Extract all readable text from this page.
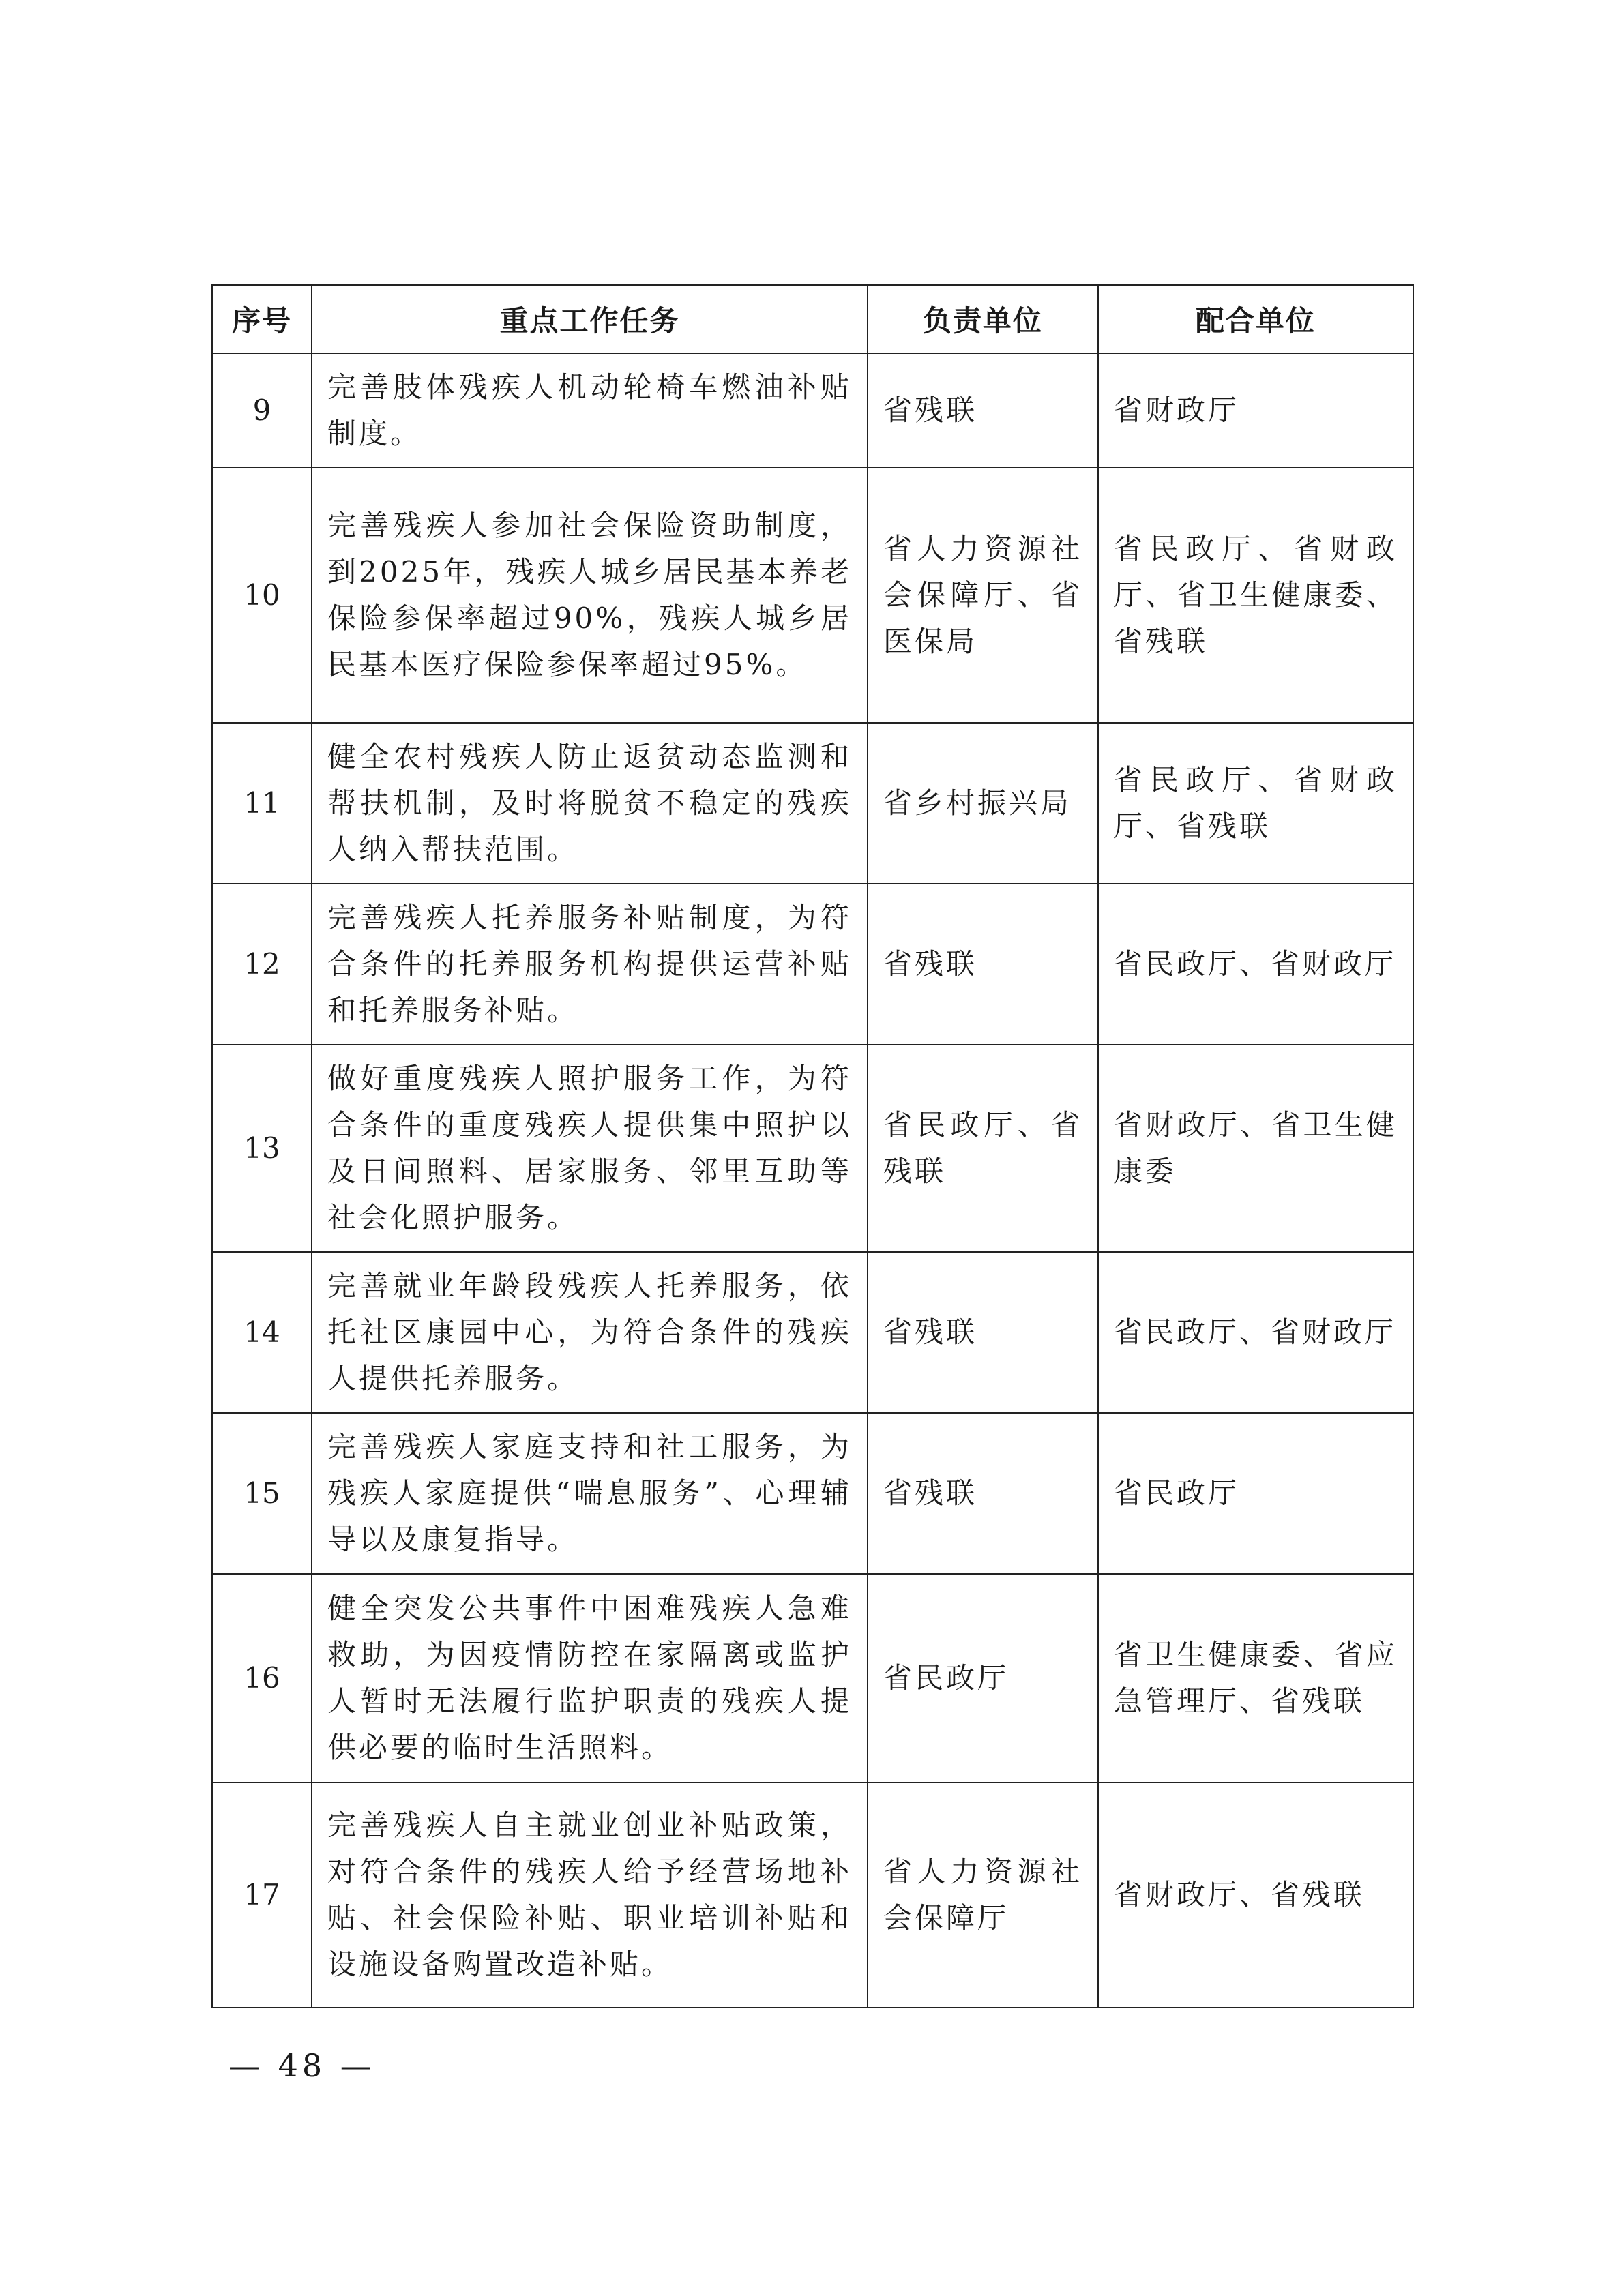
序号	重点工作任务	负责单位	配合单位
9	完善肢体残疾人机动轮椅车燃油补贴制度。	省残联	省财政厅
10	完善残疾人参加社会保险资助制度，到2025年，残疾人城乡居民基本养老保险参保率超过90%，残疾人城乡居民基本医疗保险参保率超过95%。	省人力资源社会保障厅、省医保局	省民政厅、省财政厅、省卫生健康委、省残联
11	健全农村残疾人防止返贫动态监测和帮扶机制，及时将脱贫不稳定的残疾人纳入帮扶范围。	省乡村振兴局	省民政厅、省财政厅、省残联
12	完善残疾人托养服务补贴制度，为符合条件的托养服务机构提供运营补贴和托养服务补贴。	省残联	省民政厅、省财政厅
13	做好重度残疾人照护服务工作，为符合条件的重度残疾人提供集中照护以及日间照料、居家服务、邻里互助等社会化照护服务。	省民政厅、省残联	省财政厅、省卫生健康委
14	完善就业年龄段残疾人托养服务，依托社区康园中心，为符合条件的残疾人提供托养服务。	省残联	省民政厅、省财政厅
15	完善残疾人家庭支持和社工服务，为残疾人家庭提供“喘息服务”、心理辅导以及康复指导。	省残联	省民政厅
16	健全突发公共事件中困难残疾人急难救助，为因疫情防控在家隔离或监护人暂时无法履行监护职责的残疾人提供必要的临时生活照料。	省民政厅	省卫生健康委、省应急管理厅、省残联
17	完善残疾人自主就业创业补贴政策，对符合条件的残疾人给予经营场地补贴、社会保险补贴、职业培训补贴和设施设备购置改造补贴。	省人力资源社会保障厅	省财政厅、省残联
— 48 —
